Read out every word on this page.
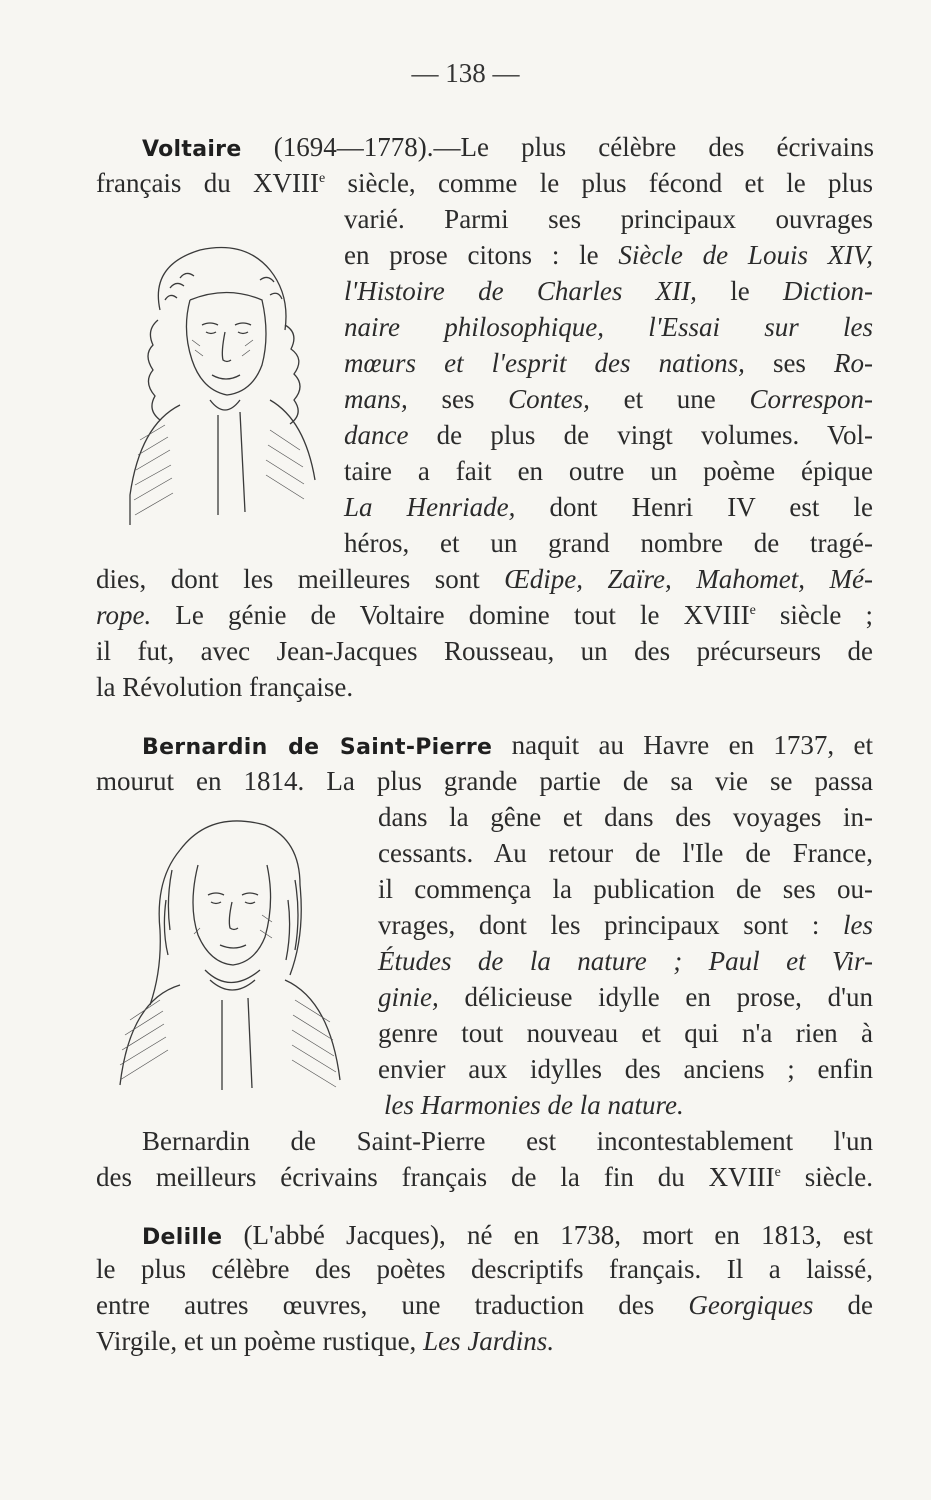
— 138 —
Voltaire (1694—1778).—Le plus célèbre des écrivains
français du XVIIIe siècle, comme le plus fécond et le plus
varié. Parmi ses principaux ouvrages
en prose citons : le Siècle de Louis XIV,
l'Histoire de Charles XII, le Diction-
naire philosophique, l'Essai sur les
mœurs et l'esprit des nations, ses Ro-
mans, ses Contes, et une Correspon-
dance de plus de vingt volumes. Vol-
taire a fait en outre un poème épique
La Henriade, dont Henri IV est le
héros, et un grand nombre de tragé-
dies, dont les meilleures sont Œdipe, Zaïre, Mahomet, Mé-
rope. Le génie de Voltaire domine tout le XVIIIe siècle ;
il fut, avec Jean-Jacques Rousseau, un des précurseurs de
la Révolution française.
Bernardin de Saint-Pierre naquit au Havre en 1737, et
mourut en 1814. La plus grande partie de sa vie se passa
dans la gêne et dans des voyages in-
cessants. Au retour de l'Ile de France,
il commença la publication de ses ou-
vrages, dont les principaux sont : les
Études de la nature ; Paul et Vir-
ginie, délicieuse idylle en prose, d'un
genre tout nouveau et qui n'a rien à
envier aux idylles des anciens ; enfin
les Harmonies de la nature.
Bernardin de Saint-Pierre est incontestablement l'un
des meilleurs écrivains français de la fin du XVIIIe siècle.
Delille (L'abbé Jacques), né en 1738, mort en 1813, est
le plus célèbre des poètes descriptifs français. Il a laissé,
entre autres œuvres, une traduction des Georgiques de
Virgile, et un poème rustique, Les Jardins.
